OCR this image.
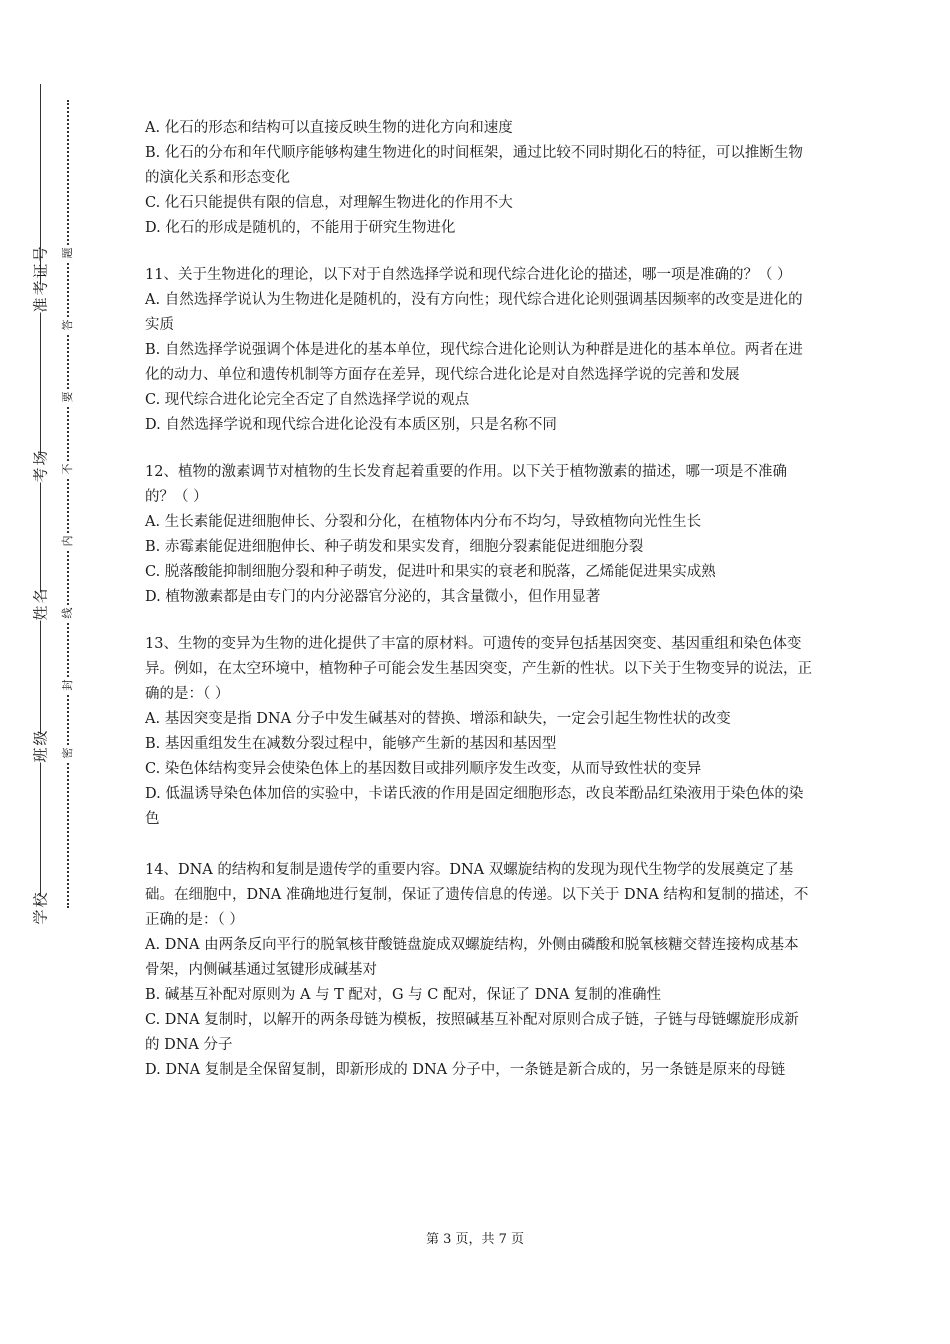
准考证号
考场
姓名
班级
学校
题
答
要
不
内
线
封
密

A. 化石的形态和结构可以直接反映生物的进化方向和速度

B. 化石的分布和年代顺序能够构建生物进化的时间框架，通过比较不同时期化石的特征，可以推断生物的演化关系和形态变化

C. 化石只能提供有限的信息，对理解生物进化的作用不大

D. 化石的形成是随机的，不能用于研究生物进化

11、关于生物进化的理论，以下对于自然选择学说和现代综合进化论的描述，哪一项是准确的？（ ）

A. 自然选择学说认为生物进化是随机的，没有方向性；现代综合进化论则强调基因频率的改变是进化的实质

B. 自然选择学说强调个体是进化的基本单位，现代综合进化论则认为种群是进化的基本单位。两者在进化的动力、单位和遗传机制等方面存在差异，现代综合进化论是对自然选择学说的完善和发展

C. 现代综合进化论完全否定了自然选择学说的观点

D. 自然选择学说和现代综合进化论没有本质区别，只是名称不同

12、植物的激素调节对植物的生长发育起着重要的作用。以下关于植物激素的描述，哪一项是不准确的？（ ）

A. 生长素能促进细胞伸长、分裂和分化，在植物体内分布不均匀，导致植物向光性生长

B. 赤霉素能促进细胞伸长、种子萌发和果实发育，细胞分裂素能促进细胞分裂

C. 脱落酸能抑制细胞分裂和种子萌发，促进叶和果实的衰老和脱落，乙烯能促进果实成熟

D. 植物激素都是由专门的内分泌器官分泌的，其含量微小，但作用显著

13、生物的变异为生物的进化提供了丰富的原材料。可遗传的变异包括基因突变、基因重组和染色体变异。例如，在太空环境中，植物种子可能会发生基因突变，产生新的性状。以下关于生物变异的说法，正确的是：（ ）

A. 基因突变是指 DNA 分子中发生碱基对的替换、增添和缺失，一定会引起生物性状的改变

B. 基因重组发生在减数分裂过程中，能够产生新的基因和基因型

C. 染色体结构变异会使染色体上的基因数目或排列顺序发生改变，从而导致性状的变异

D. 低温诱导染色体加倍的实验中，卡诺氏液的作用是固定细胞形态，改良苯酚品红染液用于染色体的染色

14、DNA 的结构和复制是遗传学的重要内容。DNA 双螺旋结构的发现为现代生物学的发展奠定了基础。在细胞中，DNA 准确地进行复制，保证了遗传信息的传递。以下关于 DNA 结构和复制的描述，不正确的是：（ ）

A. DNA 由两条反向平行的脱氧核苷酸链盘旋成双螺旋结构，外侧由磷酸和脱氧核糖交替连接构成基本骨架，内侧碱基通过氢键形成碱基对

B. 碱基互补配对原则为 A 与 T 配对，G 与 C 配对，保证了 DNA 复制的准确性

C. DNA 复制时，以解开的两条母链为模板，按照碱基互补配对原则合成子链，子链与母链螺旋形成新的 DNA 分子

D. DNA 复制是全保留复制，即新形成的 DNA 分子中，一条链是新合成的，另一条链是原来的母链

第 3 页，共 7 页
